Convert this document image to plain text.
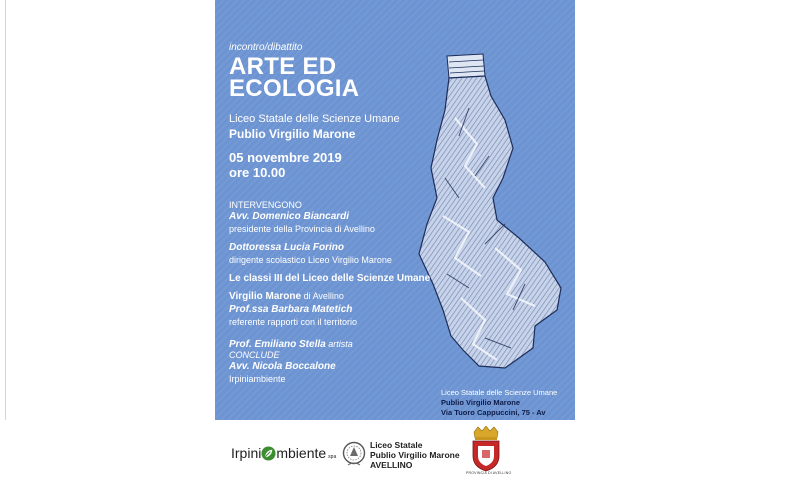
incontro/dibattito
ARTE ED
ECOLOGIA
Liceo Statale delle Scienze Umane
Publio Virgilio Marone
05 novembre 2019
ore 10.00
INTERVENGONO
Avv. Domenico Biancardi
presidente della Provincia di Avellino
Dottoressa Lucia Forino
dirigente scolastico Liceo Virgilio Marone
Le classi III del Liceo delle Scienze Umane
Virgilio Marone di Avellino
Prof.ssa Barbara Matetich
referente rapporti con il territorio
Prof. Emiliano Stella artista
CONCLUDE
Avv. Nicola Boccalone
Irpiniambiente
Liceo Statale delle Scienze Umane
Publio Virgilio Marone
Via Tuoro Cappuccini, 75 - Av
Irpini mbiente spa
Liceo Statale
Publio Virgilio Marone
AVELLINO
PROVINCIA DI AVELLINO
